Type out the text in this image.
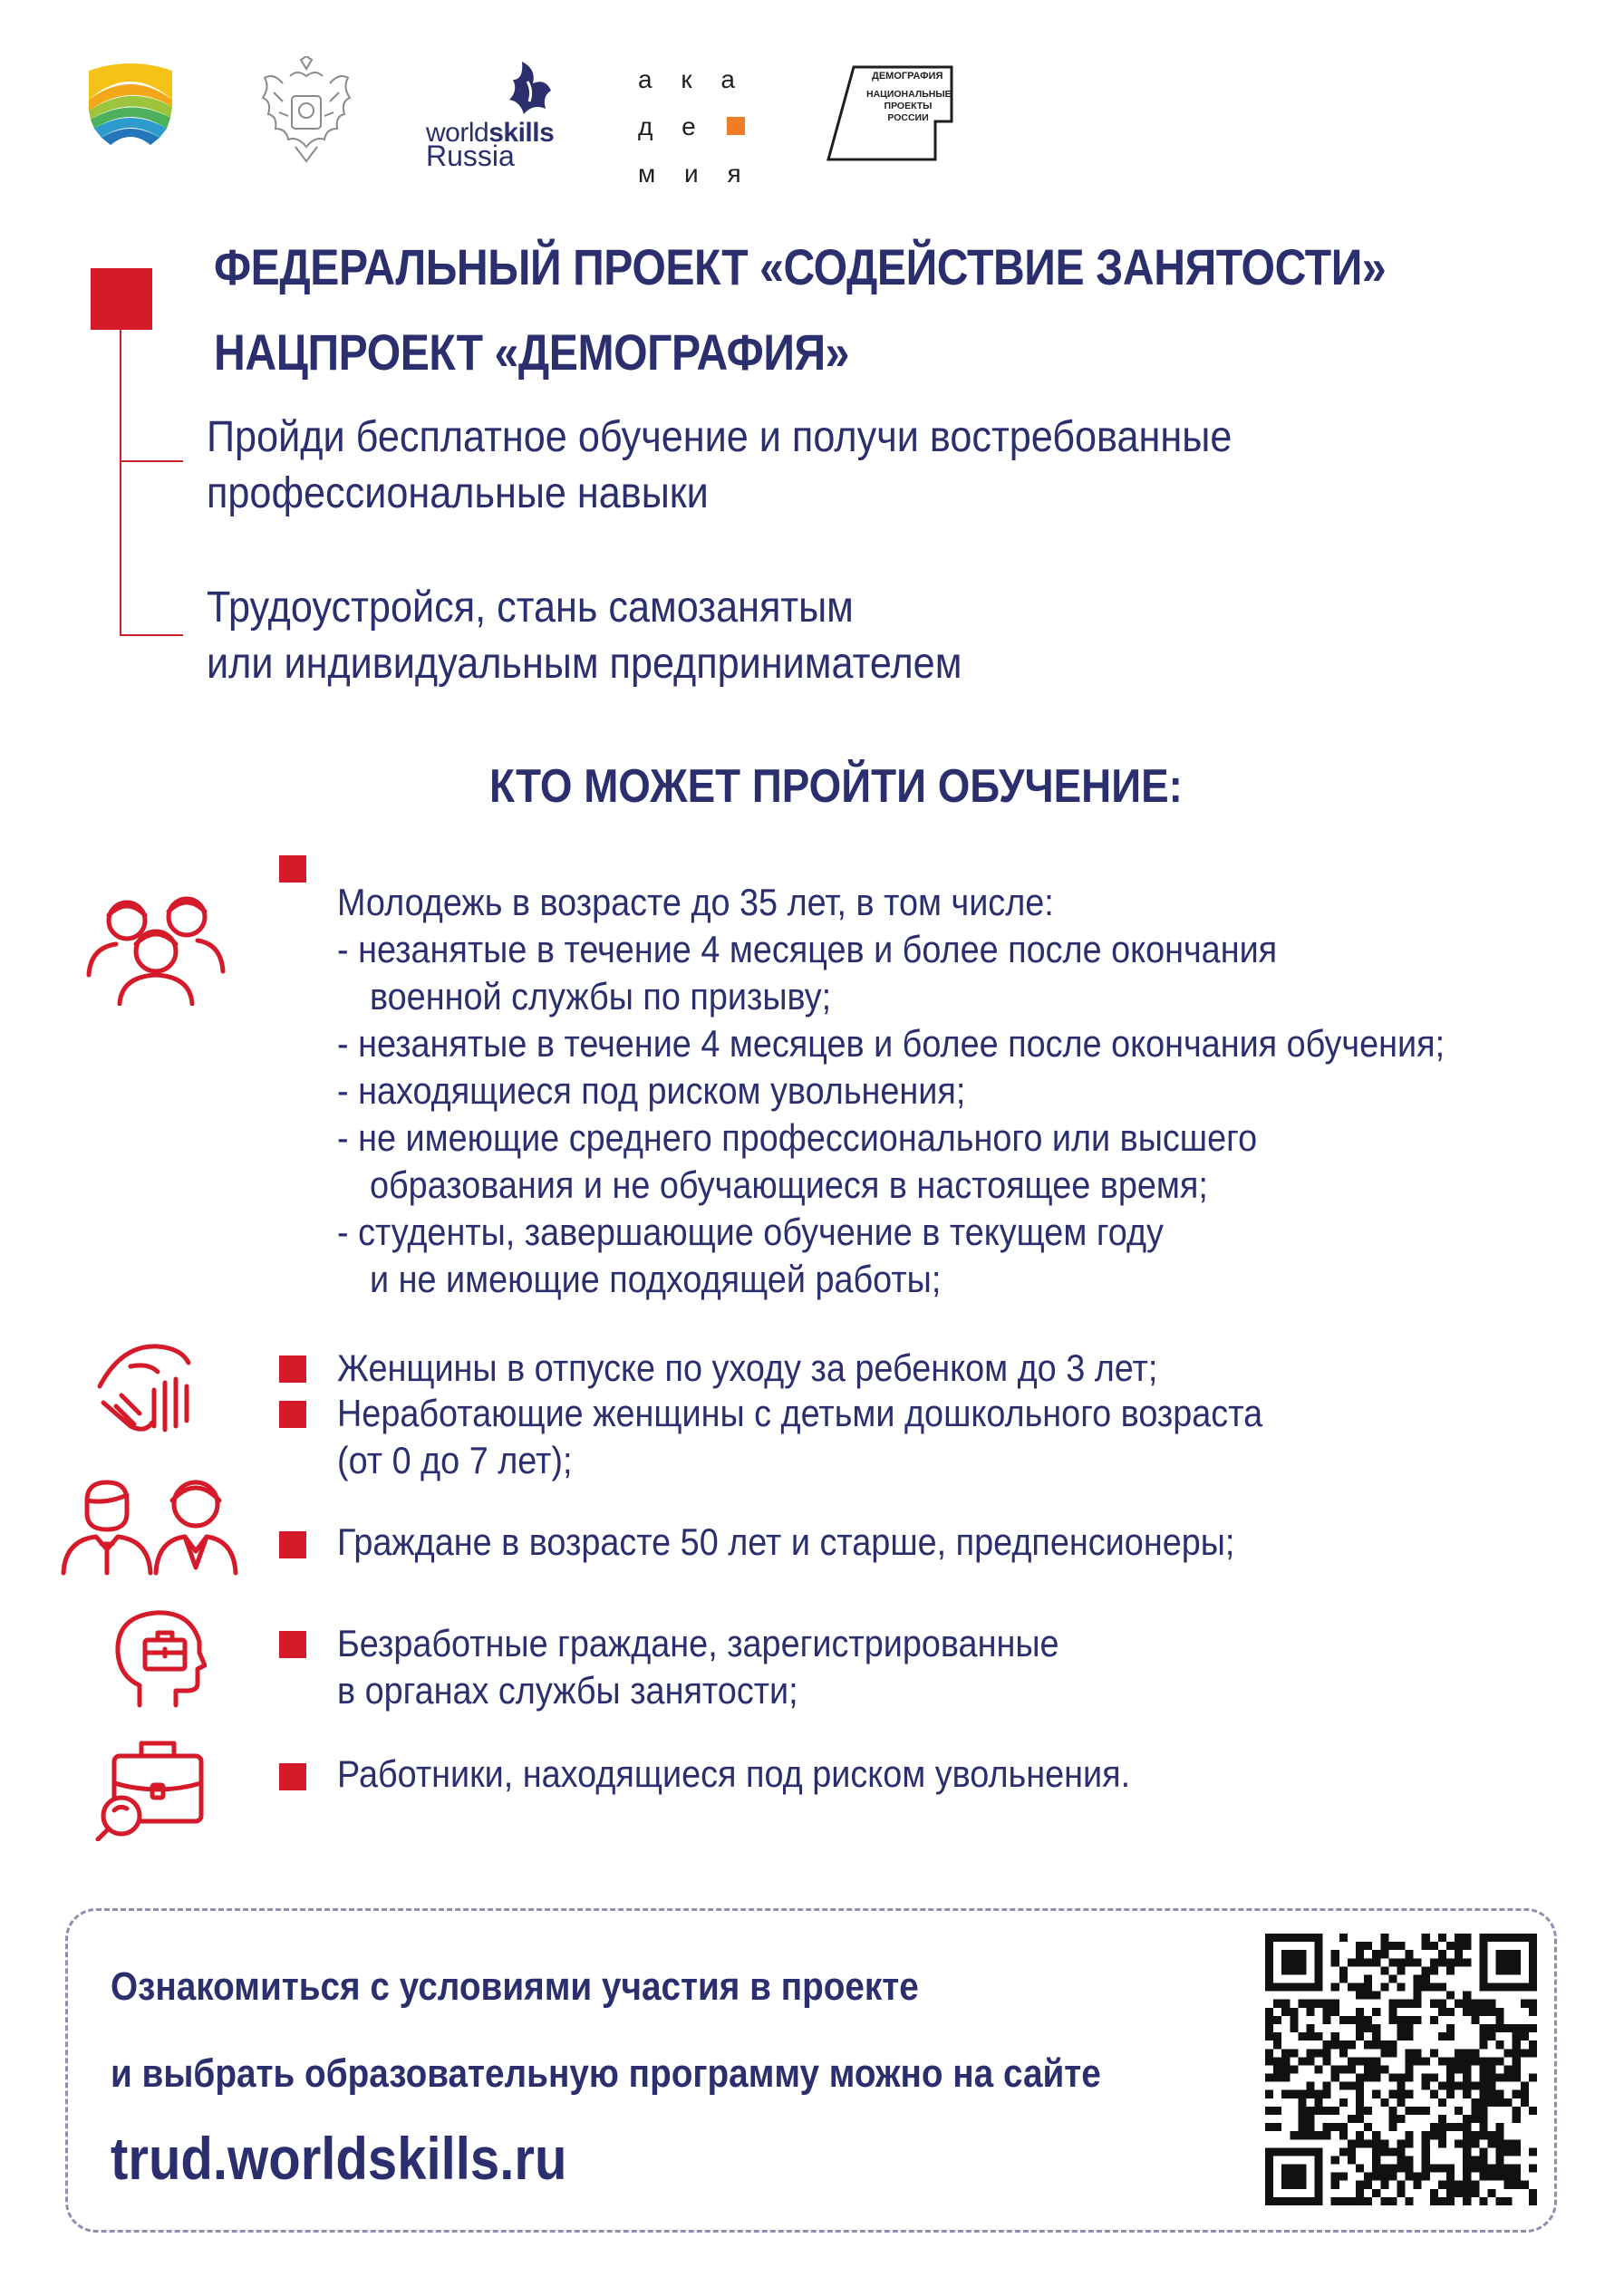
worldskills
Russia
а к а
д е
м и я
ДЕМОГРАФИЯ
НАЦИОНАЛЬНЫЕ
ПРОЕКТЫ
РОССИИ
ФЕДЕРАЛЬНЫЙ ПРОЕКТ «СОДЕЙСТВИЕ ЗАНЯТОСТИ»
НАЦПРОЕКТ «ДЕМОГРАФИЯ»
Пройди бесплатное обучение и получи востребованные
профессиональные навыки
Трудоустройся, стань самозанятым
или индивидуальным предпринимателем
КТО МОЖЕТ ПРОЙТИ ОБУЧЕНИЕ:
Молодежь в возрасте до 35 лет, в том числе:
- незанятые в течение 4 месяцев и более после окончания
военной службы по призыву;
- незанятые в течение 4 месяцев и более после окончания обучения;
- находящиеся под риском увольнения;
- не имеющие среднего профессионального или высшего
образования и не обучающиеся в настоящее время;
- студенты, завершающие обучение в текущем году
и не имеющие подходящей работы;
Женщины в отпуске по уходу за ребенком до 3 лет;
Неработающие женщины с детьми дошкольного возраста
(от 0 до 7 лет);
Граждане в возрасте 50 лет и старше, предпенсионеры;
Безработные граждане, зарегистрированные
в органах службы занятости;
Работники, находящиеся под риском увольнения.
Ознакомиться с условиями участия в проекте
и выбрать образовательную программу можно на сайте
trud.worldskills.ru
